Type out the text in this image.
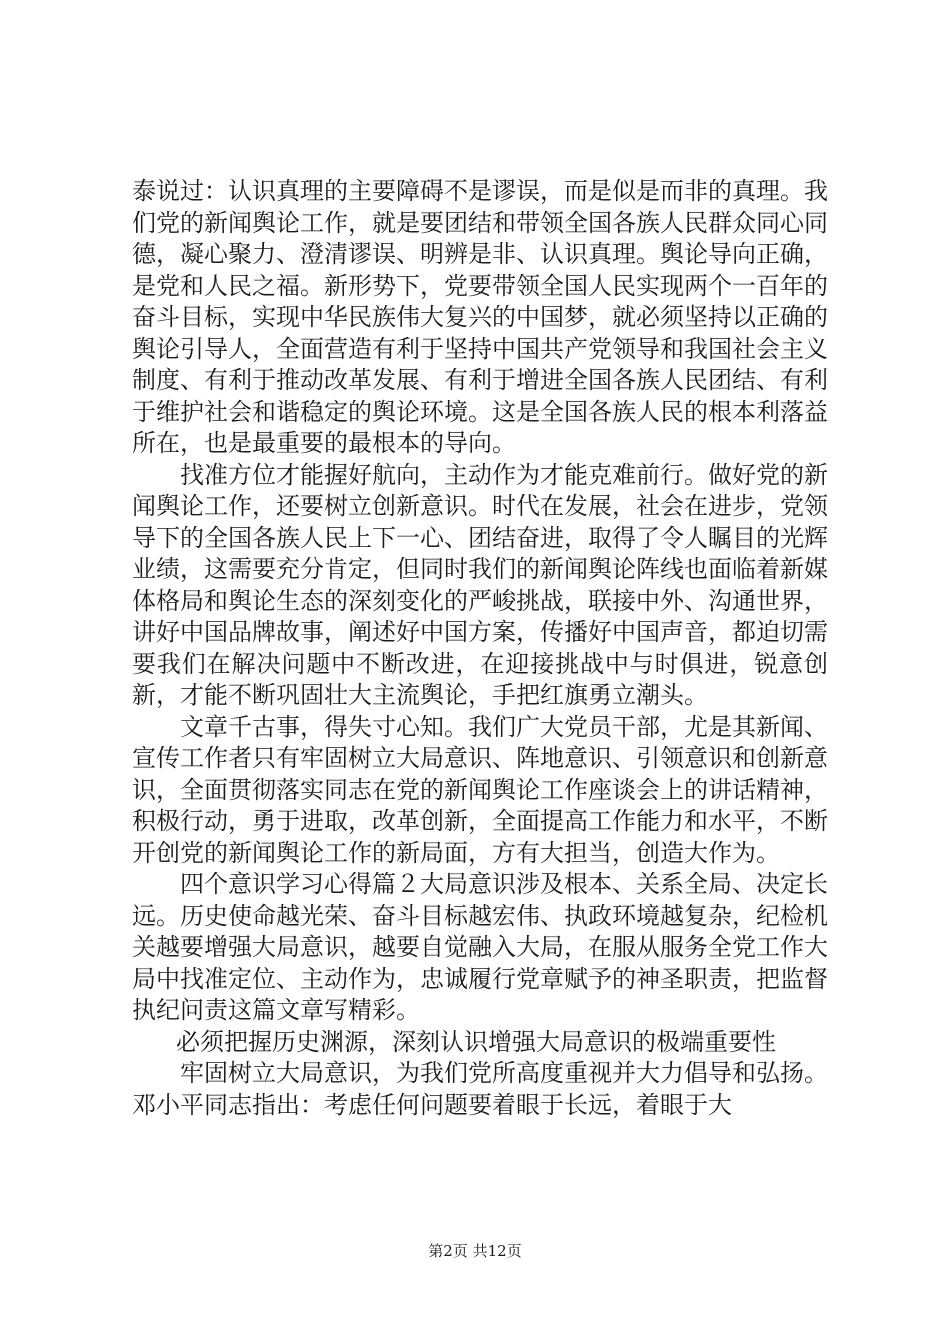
泰说过：认识真理的主要障碍不是谬误，而是似是而非的真理。我们党的新闻舆论工作，就是要团结和带领全国各族人民群众同心同德，凝心聚力、澄清谬误、明辨是非、认识真理。舆论导向正确，是党和人民之福。新形势下，党要带领全国人民实现两个一百年的奋斗目标，实现中华民族伟大复兴的中国梦，就必须坚持以正确的舆论引导人，全面营造有利于坚持中国共产党领导和我国社会主义制度、有利于推动改革发展、有利于增进全国各族人民团结、有利于维护社会和谐稳定的舆论环境。这是全国各族人民的根本利落益所在，也是最重要的最根本的导向。

找准方位才能握好航向，主动作为才能克难前行。做好党的新闻舆论工作，还要树立创新意识。时代在发展，社会在进步，党领导下的全国各族人民上下一心、团结奋进，取得了令人瞩目的光辉业绩，这需要充分肯定，但同时我们的新闻舆论阵线也面临着新媒体格局和舆论生态的深刻变化的严峻挑战，联接中外、沟通世界，讲好中国品牌故事，阐述好中国方案，传播好中国声音，都迫切需要我们在解决问题中不断改进，在迎接挑战中与时俱进，锐意创新，才能不断巩固壮大主流舆论，手把红旗勇立潮头。

文章千古事，得失寸心知。我们广大党员干部，尤是其新闻、宣传工作者只有牢固树立大局意识、阵地意识、引领意识和创新意识，全面贯彻落实同志在党的新闻舆论工作座谈会上的讲话精神，积极行动，勇于进取，改革创新，全面提高工作能力和水平，不断开创党的新闻舆论工作的新局面，方有大担当，创造大作为。

四个意识学习心得篇２大局意识涉及根本、关系全局、决定长远。历史使命越光荣、奋斗目标越宏伟、执政环境越复杂，纪检机关越要增强大局意识，越要自觉融入大局，在服从服务全党工作大局中找准定位、主动作为，忠诚履行党章赋予的神圣职责，把监督执纪问责这篇文章写精彩。

必须把握历史渊源，深刻认识增强大局意识的极端重要性

牢固树立大局意识，为我们党所高度重视并大力倡导和弘扬。邓小平同志指出：考虑任何问题要着眼于长远，着眼于大

第2页 共12页
